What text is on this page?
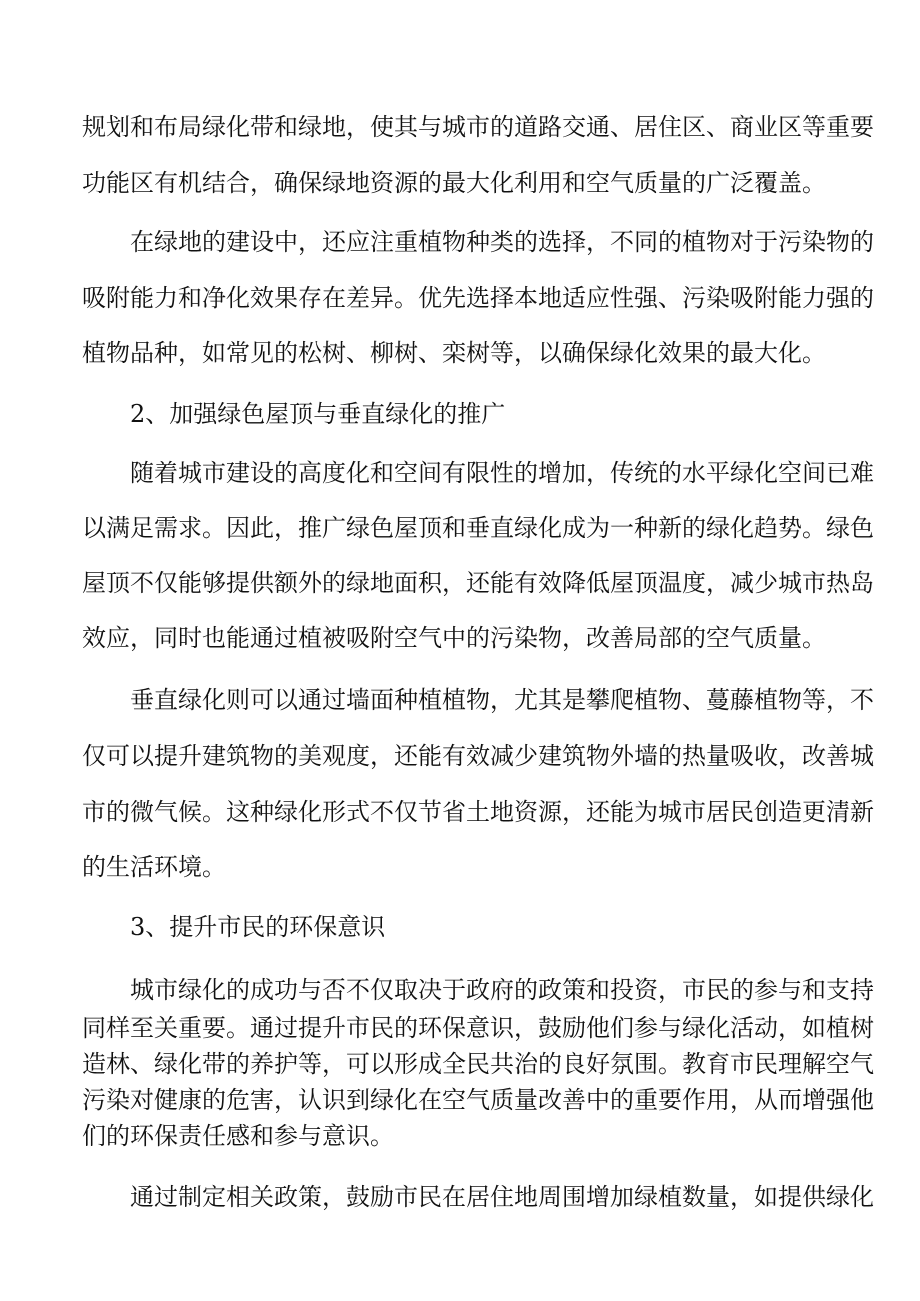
规划和布局绿化带和绿地，使其与城市的道路交通、居住区、商业区等重要
功能区有机结合，确保绿地资源的最大化利用和空气质量的广泛覆盖。
在绿地的建设中，还应注重植物种类的选择，不同的植物对于污染物的
吸附能力和净化效果存在差异。优先选择本地适应性强、污染吸附能力强的
植物品种，如常见的松树、柳树、栾树等，以确保绿化效果的最大化。
2、加强绿色屋顶与垂直绿化的推广
随着城市建设的高度化和空间有限性的增加，传统的水平绿化空间已难
以满足需求。因此，推广绿色屋顶和垂直绿化成为一种新的绿化趋势。绿色
屋顶不仅能够提供额外的绿地面积，还能有效降低屋顶温度，减少城市热岛
效应，同时也能通过植被吸附空气中的污染物，改善局部的空气质量。
垂直绿化则可以通过墙面种植植物，尤其是攀爬植物、蔓藤植物等，不
仅可以提升建筑物的美观度，还能有效减少建筑物外墙的热量吸收，改善城
市的微气候。这种绿化形式不仅节省土地资源，还能为城市居民创造更清新
的生活环境。
3、提升市民的环保意识
城市绿化的成功与否不仅取决于政府的政策和投资，市民的参与和支持
同样至关重要。通过提升市民的环保意识，鼓励他们参与绿化活动，如植树
造林、绿化带的养护等，可以形成全民共治的良好氛围。教育市民理解空气
污染对健康的危害，认识到绿化在空气质量改善中的重要作用，从而增强他
们的环保责任感和参与意识。
通过制定相关政策，鼓励市民在居住地周围增加绿植数量，如提供绿化
